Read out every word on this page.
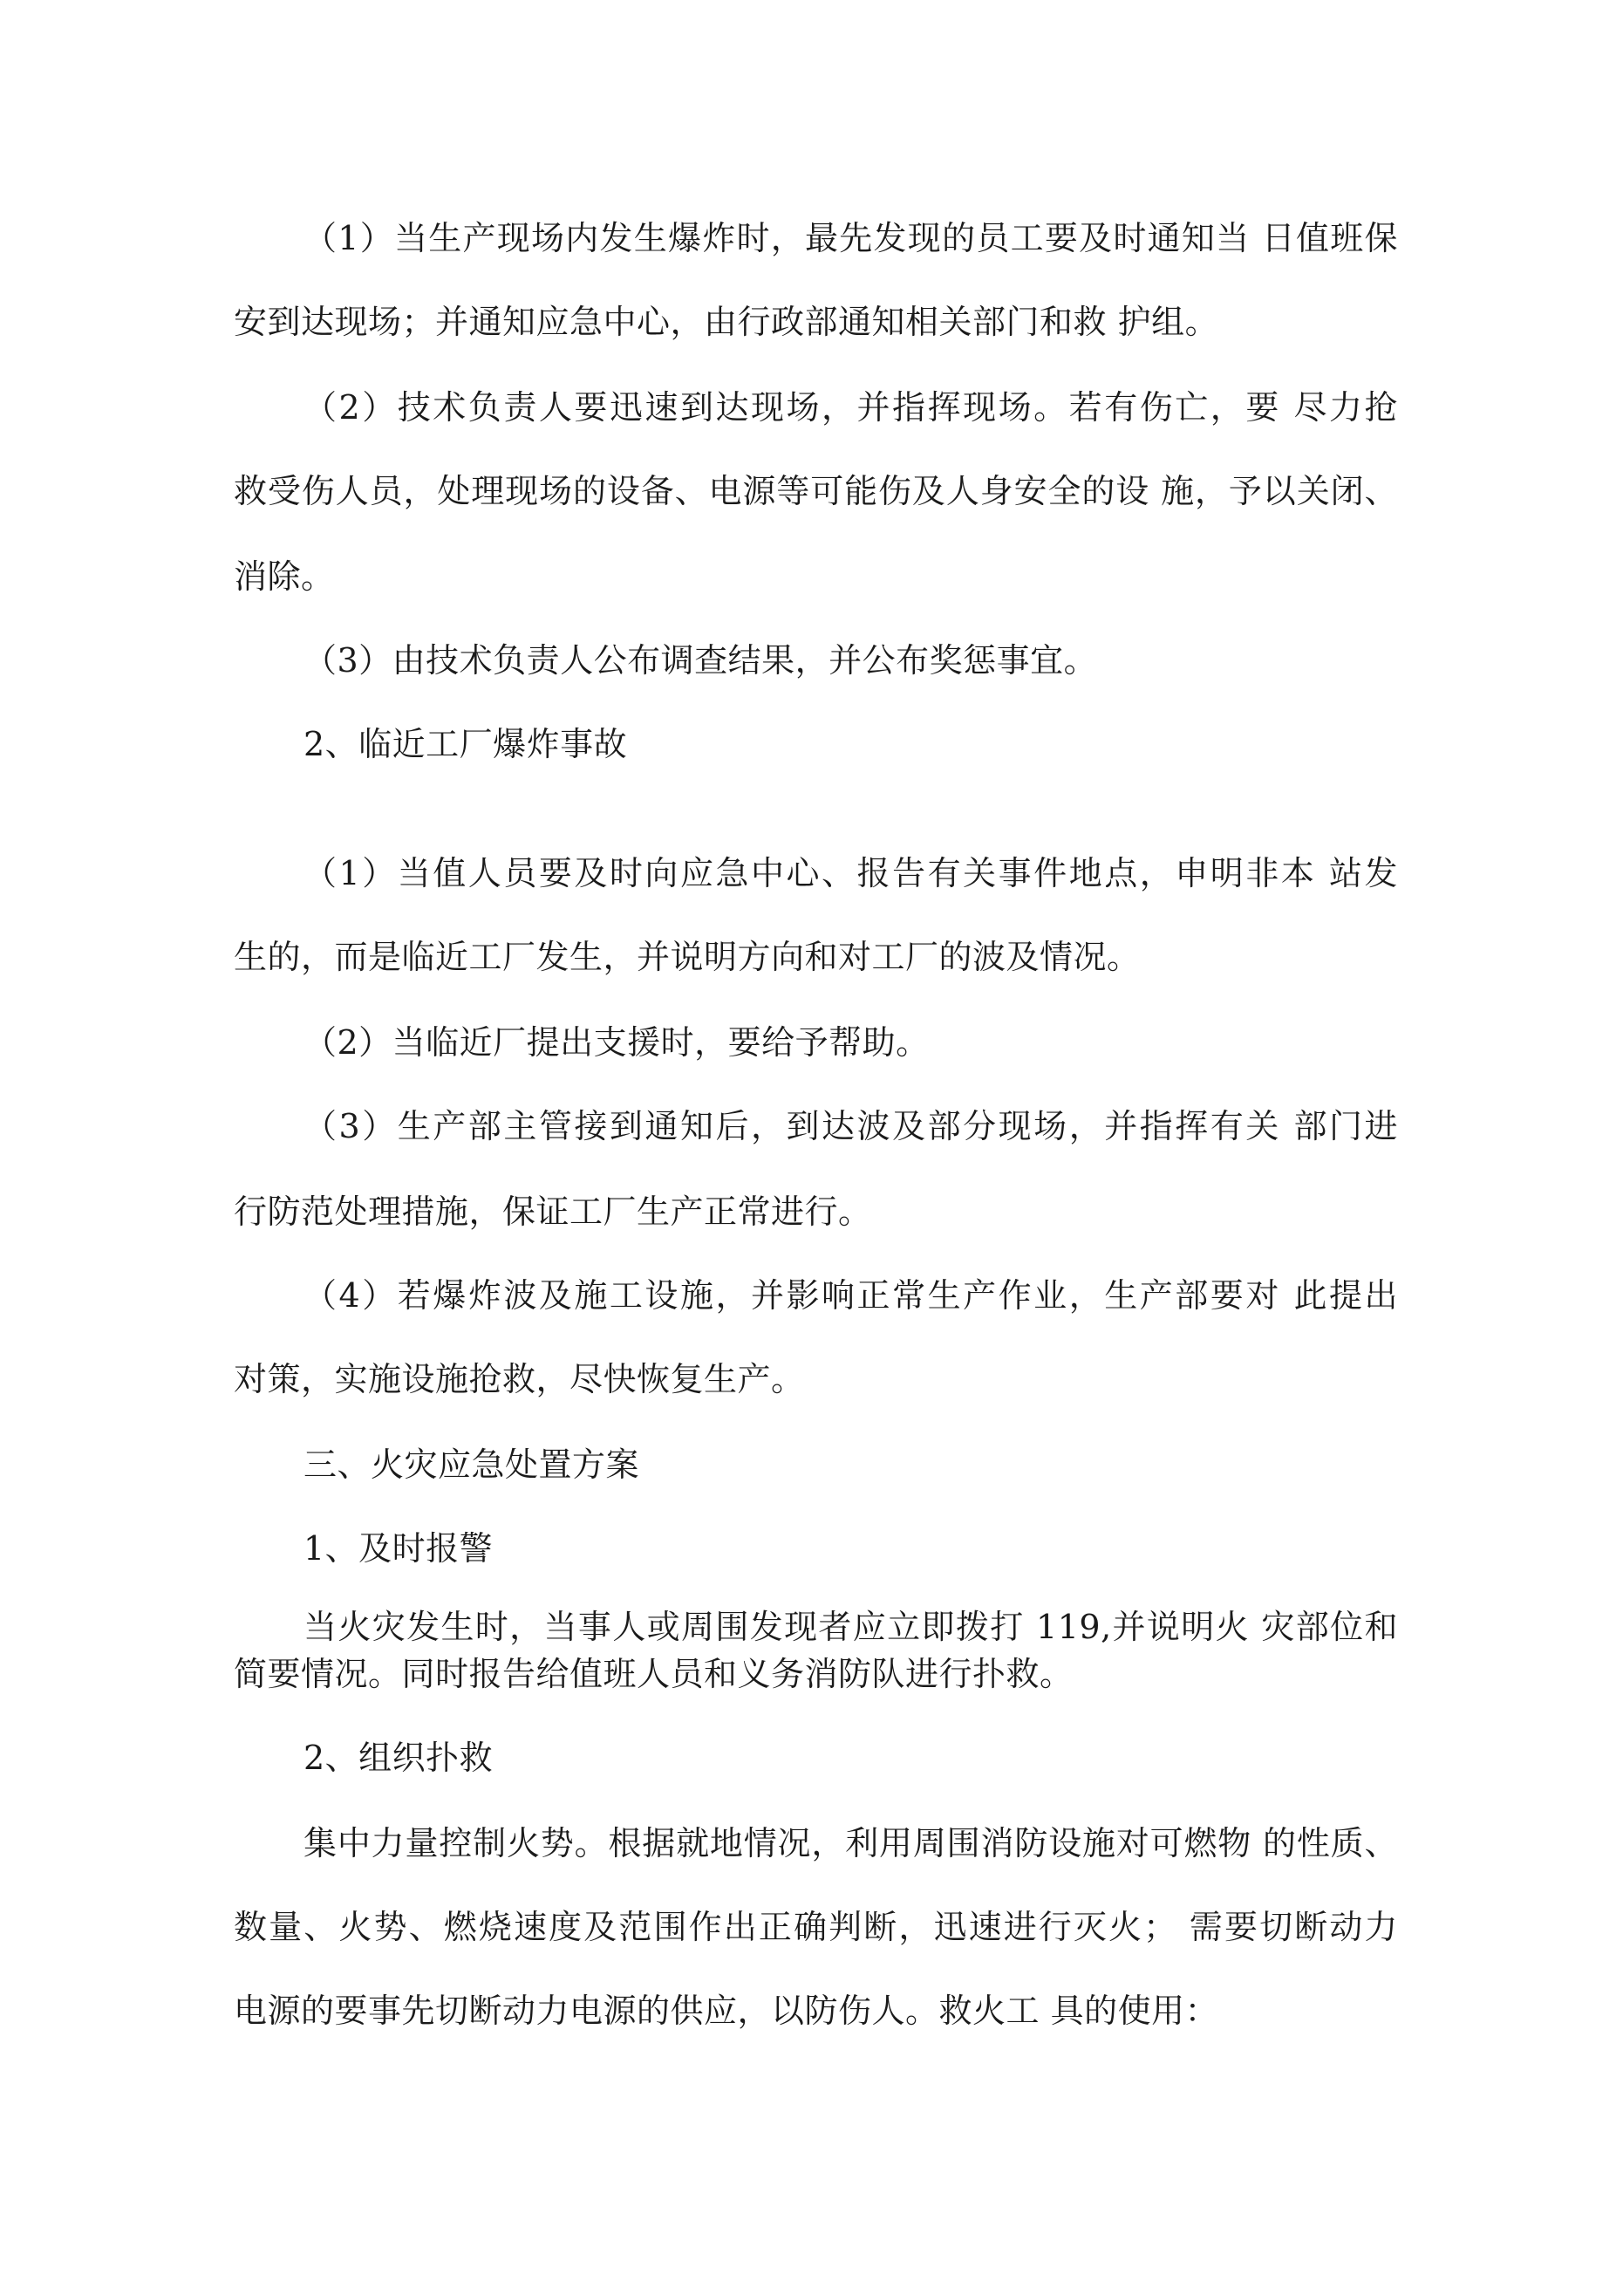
（1）当生产现场内发生爆炸时，最先发现的员工要及时通知当 日值班保
安到达现场；并通知应急中心，由行政部通知相关部门和救 护组。
（2）技术负责人要迅速到达现场，并指挥现场。若有伤亡，要 尽力抢
救受伤人员，处理现场的设备、电源等可能伤及人身安全的设 施，予以关闭、
消除。
（3）由技术负责人公布调查结果，并公布奖惩事宜。
2、临近工厂爆炸事故
（1）当值人员要及时向应急中心、报告有关事件地点，申明非本 站发
生的，而是临近工厂发生，并说明方向和对工厂的波及情况。
（2）当临近厂提出支援时，要给予帮助。
（3）生产部主管接到通知后，到达波及部分现场，并指挥有关 部门进
行防范处理措施，保证工厂生产正常进行。
（4）若爆炸波及施工设施，并影响正常生产作业，生产部要对 此提出
对策，实施设施抢救，尽快恢复生产。
三、火灾应急处置方案
1、及时报警
当火灾发生时，当事人或周围发现者应立即拨打 119,并说明火 灾部位和
简要情况。同时报告给值班人员和义务消防队进行扑救。
2、组织扑救
集中力量控制火势。根据就地情况，利用周围消防设施对可燃物 的性质、
数量、火势、燃烧速度及范围作出正确判断，迅速进行灭火； 需要切断动力
电源的要事先切断动力电源的供应，以防伤人。救火工 具的使用：
